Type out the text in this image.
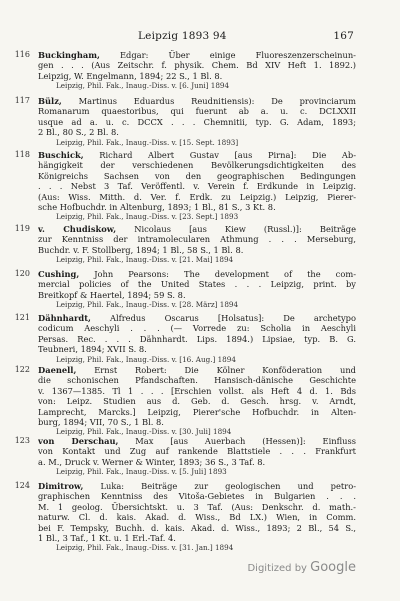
Leipzig 1893 94	167
116 Buckingham, Edgar: Über einige Fluoreszenzerscheinun-
gen . . . (Aus Zeitschr. f. physik. Chem. Bd XIV Heft 1. 1892.)
Leipzig, W. Engelmann, 1894; 22 S., 1 Bl. 8.
Leipzig, Phil. Fak., Inaug.-Diss. v. [6. Juni] 1894
117 Bülz, Martinus Eduardus Reudnitiensis): De provinciarum
Romanarum quaestoribus, qui fuerunt ab a. u. c. DCLXXII
usque ad a. u. c. DCCX . . . Chemnitii, typ. G. Adam, 1893;
2 Bl., 80 S., 2 Bl. 8.
Leipzig, Phil. Fak., Inaug.-Diss. v. [15. Sept. 1893]
118 Buschick, Richard Albert Gustav [aus Pirna]: Die Ab-
hängigkeit der verschiedenen Bevölkerungsdichtigkeiten des
Königreichs Sachsen von den geographischen Bedingungen
. . . Nebst 3 Taf. Veröffentl. v. Verein f. Erdkunde in Leipzig.
(Aus: Wiss. Mitth. d. Ver. f. Erdk. zu Leipzig.) Leipzig, Pierer-
sche Hofbuchdr. in Altenburg, 1893; 1 Bl., 81 S., 3 Kt. 8.
Leipzig, Phil. Fak., Inaug.-Diss. v. [23. Sept.] 1893
119 v. Chudiskow, Nicolaus [aus Kiew (Russl.)]: Beiträge
zur Kenntniss der intramolecularen Athmung . . . Merseburg,
Buchdr. v. F. Stollberg, 1894; 1 Bl., 58 S., 1 Bl. 8.
Leipzig, Phil. Fak., Inaug.-Diss. v. [21. Mai] 1894
120 Cushing, John Pearsons: The development of the com-
mercial policies of the United States . . . Leipzig, print. by
Breitkopf & Haertel, 1894; 59 S. 8.
Leipzig, Phil. Fak., Inaug.-Diss. v. [28. März] 1894
121 Dähnhardt, Alfredus Oscarus [Holsatus]: De archetypo
codicum Aeschyli . . . (— Vorrede zu: Scholia in Aeschyli
Persas. Rec. . . . Dähnhardt. Lips. 1894.) Lipsiae, typ. B. G.
Teubneri, 1894; XVII S. 8.
Leipzig, Phil. Fak., Inaug.-Diss. v. [16. Aug.] 1894
122 Daenell, Ernst Robert: Die Kölner Konföderation und
die schonischen Pfandschaften. Hansisch-dänische Geschichte
v. 1367—1385. Tl 1 . . . [Erschien vollst. als Heft 4 d. 1. Bds
von: Leipz. Studien aus d. Geb. d. Gesch. hrsg. v. Arndt,
Lamprecht, Marcks.] Leipzig, Pierer'sche Hofbuchdr. in Alten-
burg, 1894; VII, 70 S., 1 Bl. 8.
Leipzig, Phil. Fak., Inaug.-Diss. v. [30. Juli] 1894
123 von Derschau, Max [aus Auerbach (Hessen)]: Einfluss
von Kontakt und Zug auf rankende Blattstiele . . . Frankfurt
a. M., Druck v. Werner & Winter, 1893; 36 S., 3 Taf. 8.
Leipzig, Phil. Fak., Inaug.-Diss. v. [5. Juli] 1893
124 Dimitrow, Luka: Beiträge zur geologischen und petro-
graphischen Kenntniss des Vitoša-Gebietes in Bulgarien . . .
M. 1 geolog. Übersichtskt. u. 3 Taf. (Aus: Denkschr. d. math.-
naturw. Cl. d. kais. Akad. d. Wiss., Bd LX.) Wien, in Comm.
bei F. Tempsky, Buchh. d. kais. Akad. d. Wiss., 1893; 2 Bl., 54 S.,
1 Bl., 3 Taf., 1 Kt. u. 1 Erl.-Taf. 4.
Leipzig, Phil. Fak., Inaug.-Diss. v. [31. Jan.] 1894
Digitized by Google
